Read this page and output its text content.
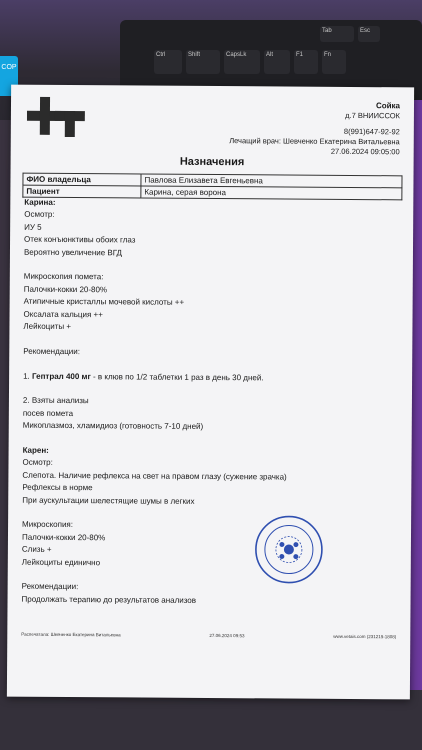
Esc
Tab
Ctrl	Shift	CapsLk	Alt	F1	Fn
COP
Сойка
д.7 ВНИИССОК
8(991)647-92-92
Лечащий врач: Шевченко Екатерина Витальевна
27.06.2024 09:05:00
Назначения
ФИО владельца	Павлова Елизавета Евгеньевна
Пациент	Карина, серая ворона
Карина:
Осмотр:
ИУ 5
Отек конъюнктивы обоих глаз
Вероятно увеличение ВГД
Микроскопия помета:
Палочки-кокки 20-80%
Атипичные кристаллы мочевой кислоты ++
Оксалата кальция ++
Лейкоциты +
Рекомендации:
1. Гептрал 400 мг - в клюв по 1/2 таблетки 1 раз в день 30 дней.
2. Взяты анализы
посев помета
Микоплазмоз, хламидиоз (готовность 7-10 дней)
Карен:
Осмотр:
Слепота. Наличие рефлекса на свет на правом глазу (сужение зрачка)
Рефлексы в норме
При аускультации шелестящие шумы в легких
Микроскопия:
Палочки-кокки 20-80%
Слизь +
Лейкоциты единично
Рекомендации:
Продолжать терапию до результатов анализов
Распечатала: Шевченко Екатерина Витальевна	27.06.2024 09:53	www.vetais.com (231219-1808)
